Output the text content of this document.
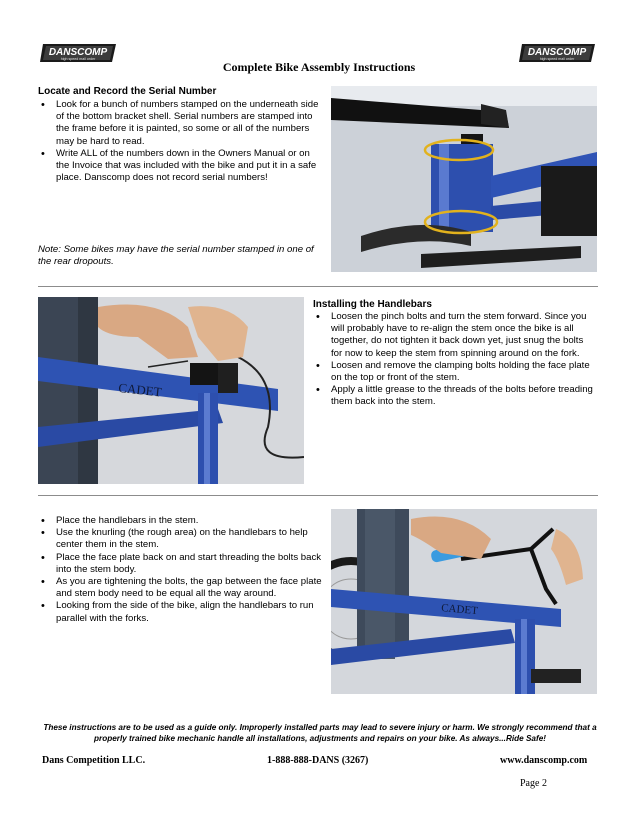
DANSCOMP
high speed mail order
DANSCOMP
high speed mail order
Complete Bike Assembly Instructions
Locate and Record the Serial Number
• Look for a bunch of numbers stamped on the underneath side of the bottom bracket shell. Serial numbers are stamped into the frame before it is painted, so some or all of the numbers may be hard to read.
• Write ALL of the numbers down in the Owners Manual or on the Invoice that was included with the bike and put it in a safe place. Danscomp does not record serial numbers!
Note: Some bikes may have the serial number stamped in one of the rear dropouts.
CADET
Installing the Handlebars
• Loosen the pinch bolts and turn the stem forward. Since you will probably have to re-align the stem once the bike is all together, do not tighten it back down yet, just snug the bolts for now to keep the stem from spinning around on the fork.
• Loosen and remove the clamping bolts holding the face plate on the top or front of the stem.
• Apply a little grease to the threads of the bolts before treading them back into the stem.
• Place the handlebars in the stem.
• Use the knurling (the rough area) on the handlebars to help center them in the stem.
• Place the face plate back on and start threading the bolts back into the stem body.
• As you are tightening the bolts, the gap between the face plate and stem body need to be equal all the way around.
• Looking from the side of the bike, align the handlebars to run parallel with the forks.
CADET
These instructions are to be used as a guide only. Improperly installed parts may lead to severe injury or harm. We strongly recommend that a properly trained bike mechanic handle all installations, adjustments and repairs on your bike. As always...Ride Safe!
Dans Competition LLC.	1-888-888-DANS (3267)	www.danscomp.com
Page 2
